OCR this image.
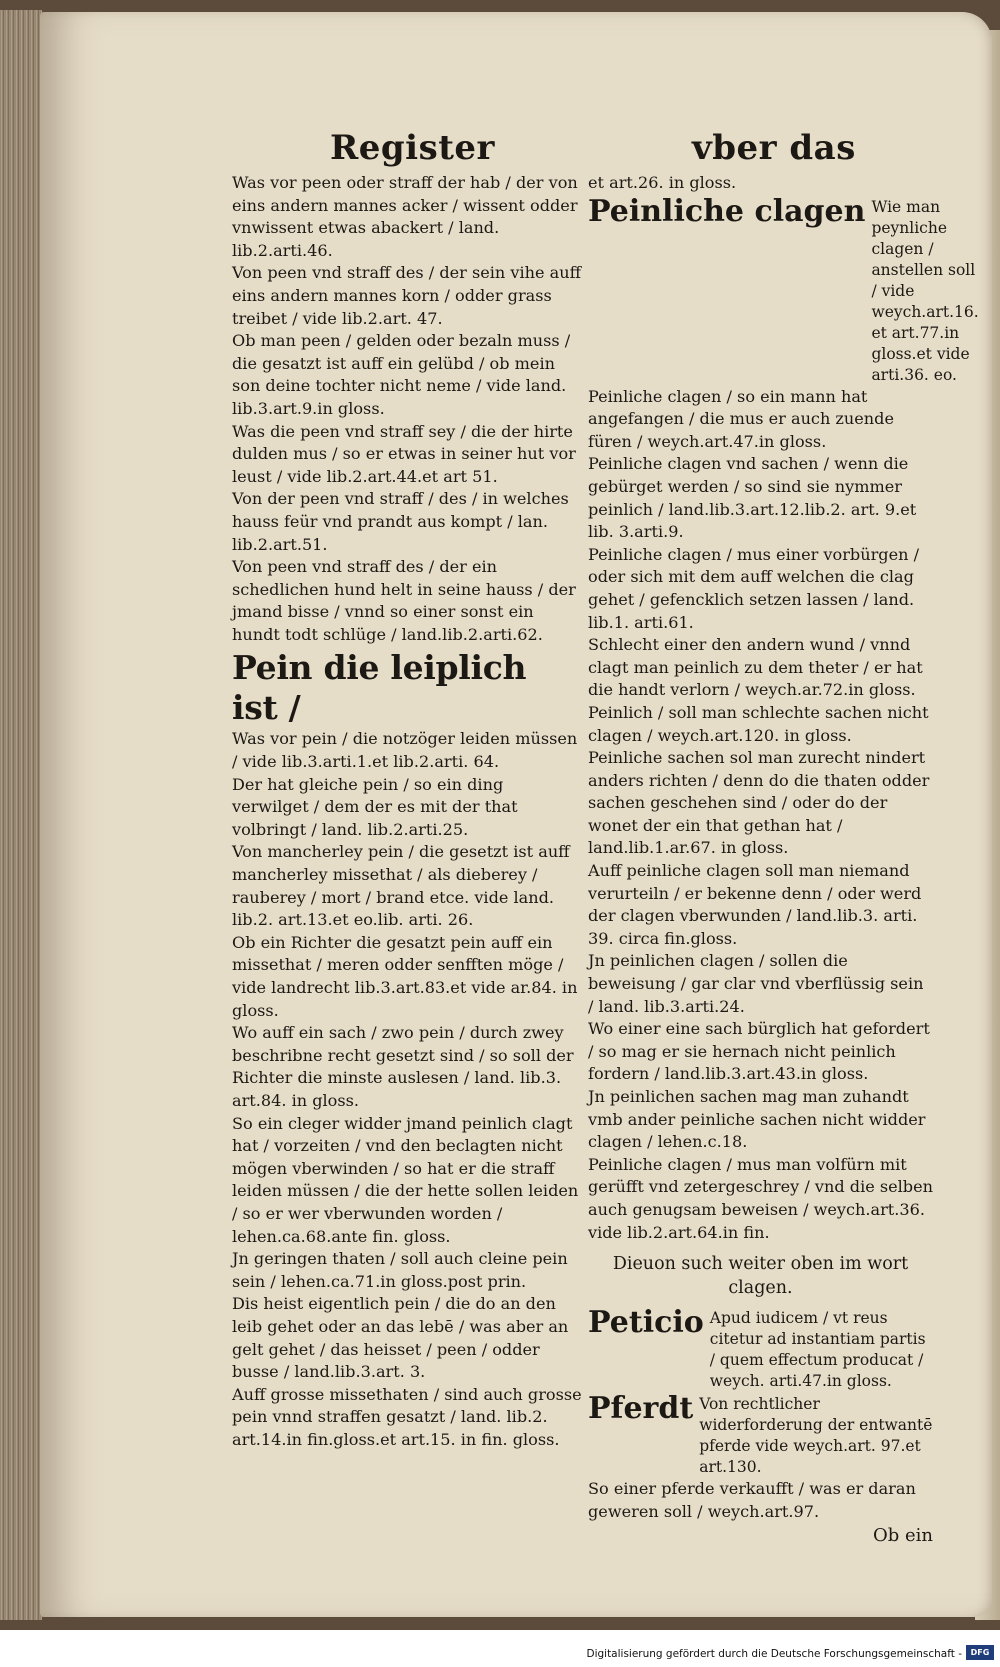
Register	vber das
Was vor peen oder straff der hab / der von eins andern mannes acker / wissent odder vnwissent etwas abackert / land. lib.2.arti.46.
Von peen vnd straff des / der sein vihe auff eins andern mannes korn / odder grass treibet / vide lib.2.art. 47.
Ob man peen / gelden oder bezaln muss / die gesatzt ist auff ein gelübd / ob mein son deine tochter nicht neme / vide land. lib.3.art.9.in gloss.
Was die peen vnd straff sey / die der hirte dulden mus / so er etwas in seiner hut vor leust / vide lib.2.art.44.et art 51.
Von der peen vnd straff / des / in welches hauss feür vnd prandt aus kompt / lan. lib.2.art.51.
Von peen vnd straff des / der ein schedlichen hund helt in seine hauss / der jmand bisse / vnnd so einer sonst ein hundt todt schlüge / land.lib.2.arti.62.
Pein die leiplich ist /
Was vor pein / die notzöger leiden müssen / vide lib.3.arti.1.et lib.2.arti. 64.
Der hat gleiche pein / so ein ding verwilget / dem der es mit der that volbringt / land. lib.2.arti.25.
Von mancherley pein / die gesetzt ist auff mancherley missethat / als dieberey / rauberey / mort / brand etce. vide land. lib.2. art.13.et eo.lib. arti. 26.
Ob ein Richter die gesatzt pein auff ein missethat / meren odder senfften möge / vide landrecht lib.3.art.83.et vide ar.84. in gloss.
Wo auff ein sach / zwo pein / durch zwey beschribne recht gesetzt sind / so soll der Richter die minste auslesen / land. lib.3. art.84. in gloss.
So ein cleger widder jmand peinlich clagt hat / vorzeiten / vnd den beclagten nicht mögen vberwinden / so hat er die straff leiden müssen / die der hette sollen leiden / so er wer vberwunden worden / lehen.ca.68.ante fin. gloss.
Jn geringen thaten / soll auch cleine pein sein / lehen.ca.71.in gloss.post prin.
Dis heist eigentlich pein / die do an den leib gehet oder an das lebē / was aber an gelt gehet / das heisset / peen / odder busse / land.lib.3.art. 3.
Auff grosse missethaten / sind auch grosse pein vnnd straffen gesatzt / land. lib.2. art.14.in fin.gloss.et art.15. in fin. gloss.
et art.26. in gloss.
Peinliche clagen Wie man peynliche clagen / anstellen soll / vide weych.art.16. et art.77.in gloss.et vide arti.36. eo.
Peinliche clagen / so ein mann hat angefangen / die mus er auch zuende füren / weych.art.47.in gloss.
Peinliche clagen vnd sachen / wenn die gebürget werden / so sind sie nymmer peinlich / land.lib.3.art.12.lib.2. art. 9.et lib. 3.arti.9.
Peinliche clagen / mus einer vorbürgen / oder sich mit dem auff welchen die clag gehet / gefencklich setzen lassen / land. lib.1. arti.61.
Schlecht einer den andern wund / vnnd clagt man peinlich zu dem theter / er hat die handt verlorn / weych.ar.72.in gloss.
Peinlich / soll man schlechte sachen nicht clagen / weych.art.120. in gloss.
Peinliche sachen sol man zurecht nindert anders richten / denn do die thaten odder sachen geschehen sind / oder do der wonet der ein that gethan hat / land.lib.1.ar.67. in gloss.
Auff peinliche clagen soll man niemand verurteiln / er bekenne denn / oder werd der clagen vberwunden / land.lib.3. arti. 39. circa fin.gloss.
Jn peinlichen clagen / sollen die beweisung / gar clar vnd vberflüssig sein / land. lib.3.arti.24.
Wo einer eine sach bürglich hat gefordert / so mag er sie hernach nicht peinlich fordern / land.lib.3.art.43.in gloss.
Jn peinlichen sachen mag man zuhandt vmb ander peinliche sachen nicht widder clagen / lehen.c.18.
Peinliche clagen / mus man volfürn mit gerüfft vnd zetergeschrey / vnd die selben auch genugsam beweisen / weych.art.36. vide lib.2.art.64.in fin.
Dieuon such weiter oben im wort clagen.
Peticio Apud iudicem / vt reus citetur ad instantiam partis / quem effectum producat / weych. arti.47.in gloss.
Pferdt Von rechtlicher widerforderung der entwantē pferde vide weych.art. 97.et art.130.
So einer pferde verkaufft / was er daran geweren soll / weych.art.97.
Ob ein
Digitalisierung gefördert durch die Deutsche Forschungsgemeinschaft -	DFG
